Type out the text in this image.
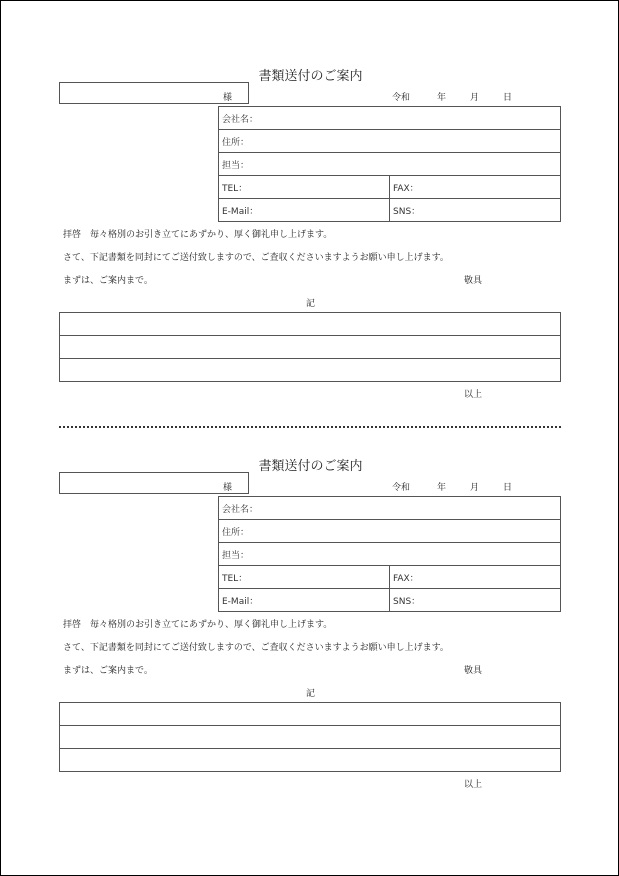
書類送付のご案内
様	令和	年	月	日
会社名：	
住所：	
担当：	
TEL：	FAX：
E-Mail：	SNS：
拝啓　毎々格別のお引き立てにあずかり、厚く御礼申し上げます。
さて、下記書類を同封にてご送付致しますので、ご査収くださいますようお願い申し上げます。
まずは、ご案内まで。	敬具
記

以上
書類送付のご案内
様	令和	年	月	日
会社名：	
住所：	
担当：	
TEL：	FAX：
E-Mail：	SNS：
拝啓　毎々格別のお引き立てにあずかり、厚く御礼申し上げます。
さて、下記書類を同封にてご送付致しますので、ご査収くださいますようお願い申し上げます。
まずは、ご案内まで。	敬具
記

以上
